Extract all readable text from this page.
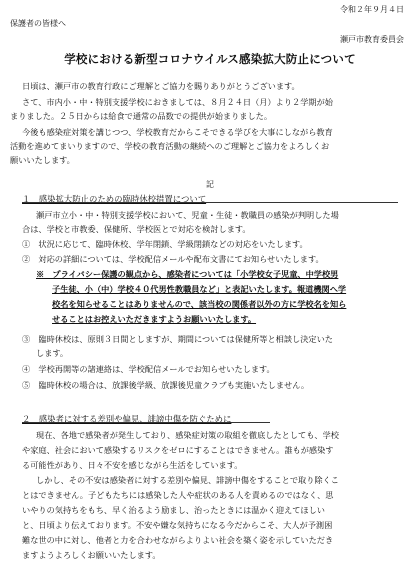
令和２年９月４日
保護者の皆様へ
瀬戸市教育委員会
学校における新型コロナウイルス感染拡大防止について
日頃は、瀬戸市の教育行政にご理解とご協力を賜りありがとうございます。
さて、市内小・中・特別支援学校におきましては、８月２４日（月）より２学期が始
まりました。２５日からは給食で通常の品数での提供が始まりました。
今後も感染症対策を講じつつ、学校教育だからこそできる学びを大事にしながら教育
活動を進めてまいりますので、学校の教育活動の継続へのご理解とご協力をよろしくお
願いいたします。
記
１　感染拡大防止のための臨時休校措置について
瀬戸市立小・中・特別支援学校において、児童・生徒・教職員の感染が判明した場
合は、学校と市教委、保健所、学校医とで対応を検討します。
①　状況に応じて、臨時休校、学年閉鎖、学級閉鎖などの対応をいたします。
②　対応の詳細については、学校配信メールや配布文書にてお知らせいたします。
※　プライバシー保護の観点から、感染者については「小学校女子児童、中学校男
子生徒、小（中）学校４０代男性教職員など」と表記いたします。報道機関へ学
校名を知らせることはありませんので、該当校の関係者以外の方に学校名を知ら
せることはお控えいただきますようお願いいたします。
③　臨時休校は、原則３日間としますが、期間については保健所等と相談し決定いた
します。
④　学校再開等の諸連絡は、学校配信メールでお知らせいたします。
⑤　臨時休校の場合は、放課後学級、放課後児童クラブも実施いたしません。
２　感染者に対する差別や偏見、誹謗中傷を防ぐために
現在、各地で感染者が発生しており、感染症対策の取組を徹底したとしても、学校
や家庭、社会において感染するリスクをゼロにすることはできません。誰もが感染す
る可能性があり、日々不安を感じながら生活をしています。
しかし、その不安は感染者に対する差別や偏見、誹謗中傷をすることで取り除くこ
とはできません。子どもたちには感染した人や症状のある人を責めるのではなく、思
いやりの気持ちをもち、早く治るよう励まし、治ったときには温かく迎えてほしい
と、日頃より伝えております。不安や嫌な気持ちになる今だからこそ、大人が予測困
難な世の中に対し、他者と力を合わせながらよりよい社会を築く姿を示していただき
ますようよろしくお願いいたします。
